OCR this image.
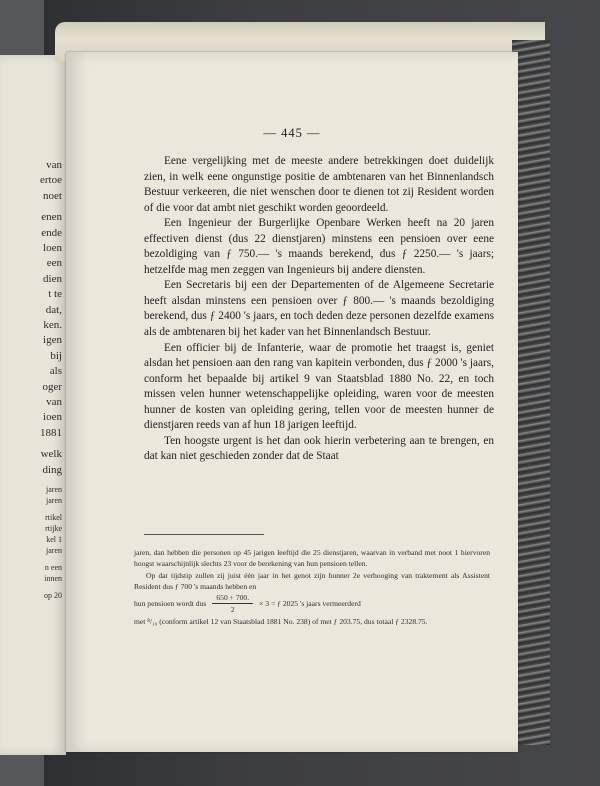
van
ertoe
noet
enen
ende
loen
een
dien
t te
dat,
ken.
igen
bij
als
oger
van
ioen
1881
welk
ding
jaren
jaren
rtikel
rtijke
kel 1
jaren
n een
innen
op 20
— 445 —

Eene vergelijking met de meeste andere betrekkingen doet duidelijk zien, in welk eene ongunstige positie de ambtenaren van het Binnenlandsch Bestuur verkeeren, die niet wenschen door te dienen tot zij Resident worden of die voor dat ambt niet geschikt worden geoordeeld.

Een Ingenieur der Burgerlijke Openbare Werken heeft na 20 jaren effectiven dienst (dus 22 dienstjaren) minstens een pensioen over eene bezoldiging van ƒ 750.— 's maands berekend, dus ƒ 2250.— 's jaars; hetzelfde mag men zeggen van Ingenieurs bij andere diensten.

Een Secretaris bij een der Departementen of de Algemeene Secretarie heeft alsdan minstens een pensioen over ƒ 800.— 's maands bezoldiging berekend, dus ƒ 2400 's jaars, en toch deden deze personen dezelfde examens als de ambtenaren bij het kader van het Binnenlandsch Bestuur.

Een officier bij de Infanterie, waar de promotie het traagst is, geniet alsdan het pensioen aan den rang van kapitein verbonden, dus ƒ 2000 's jaars, conform het bepaalde bij artikel 9 van Staatsblad 1880 No. 22, en toch missen velen hunner wetenschappelijke opleiding, waren voor de meesten hunner de kosten van opleiding gering, tellen voor de meesten hunner de dienstjaren reeds van af hun 18 jarigen leeftijd.

Ten hoogste urgent is het dan ook hierin verbetering aan te brengen, en dat kan niet geschieden zonder dat de Staat

jaren, dan hebben die personen op 45 jarigen leeftijd die 25 dienstjaren, waarvan in verband met noot 1 hiervoren hoogst waarschijnlijk slechts 23 voor de berekening van hun pensioen tellen.

Op dat tijdstip zullen zij juist één jaar in het genot zijn hunner 2e verhooging van traktement als Assistent Resident dus ƒ 700 's maands hebben en

hun pensioen wordt dus $\frac{650 + 700.}{2} \times 3$ = ƒ 2025 's jaars vermeerderd

met ⁸/₁₀ (conform artikel 12 van Staatsblad 1881 No. 238) of met ƒ 203.75, dus totaal ƒ 2328.75.
